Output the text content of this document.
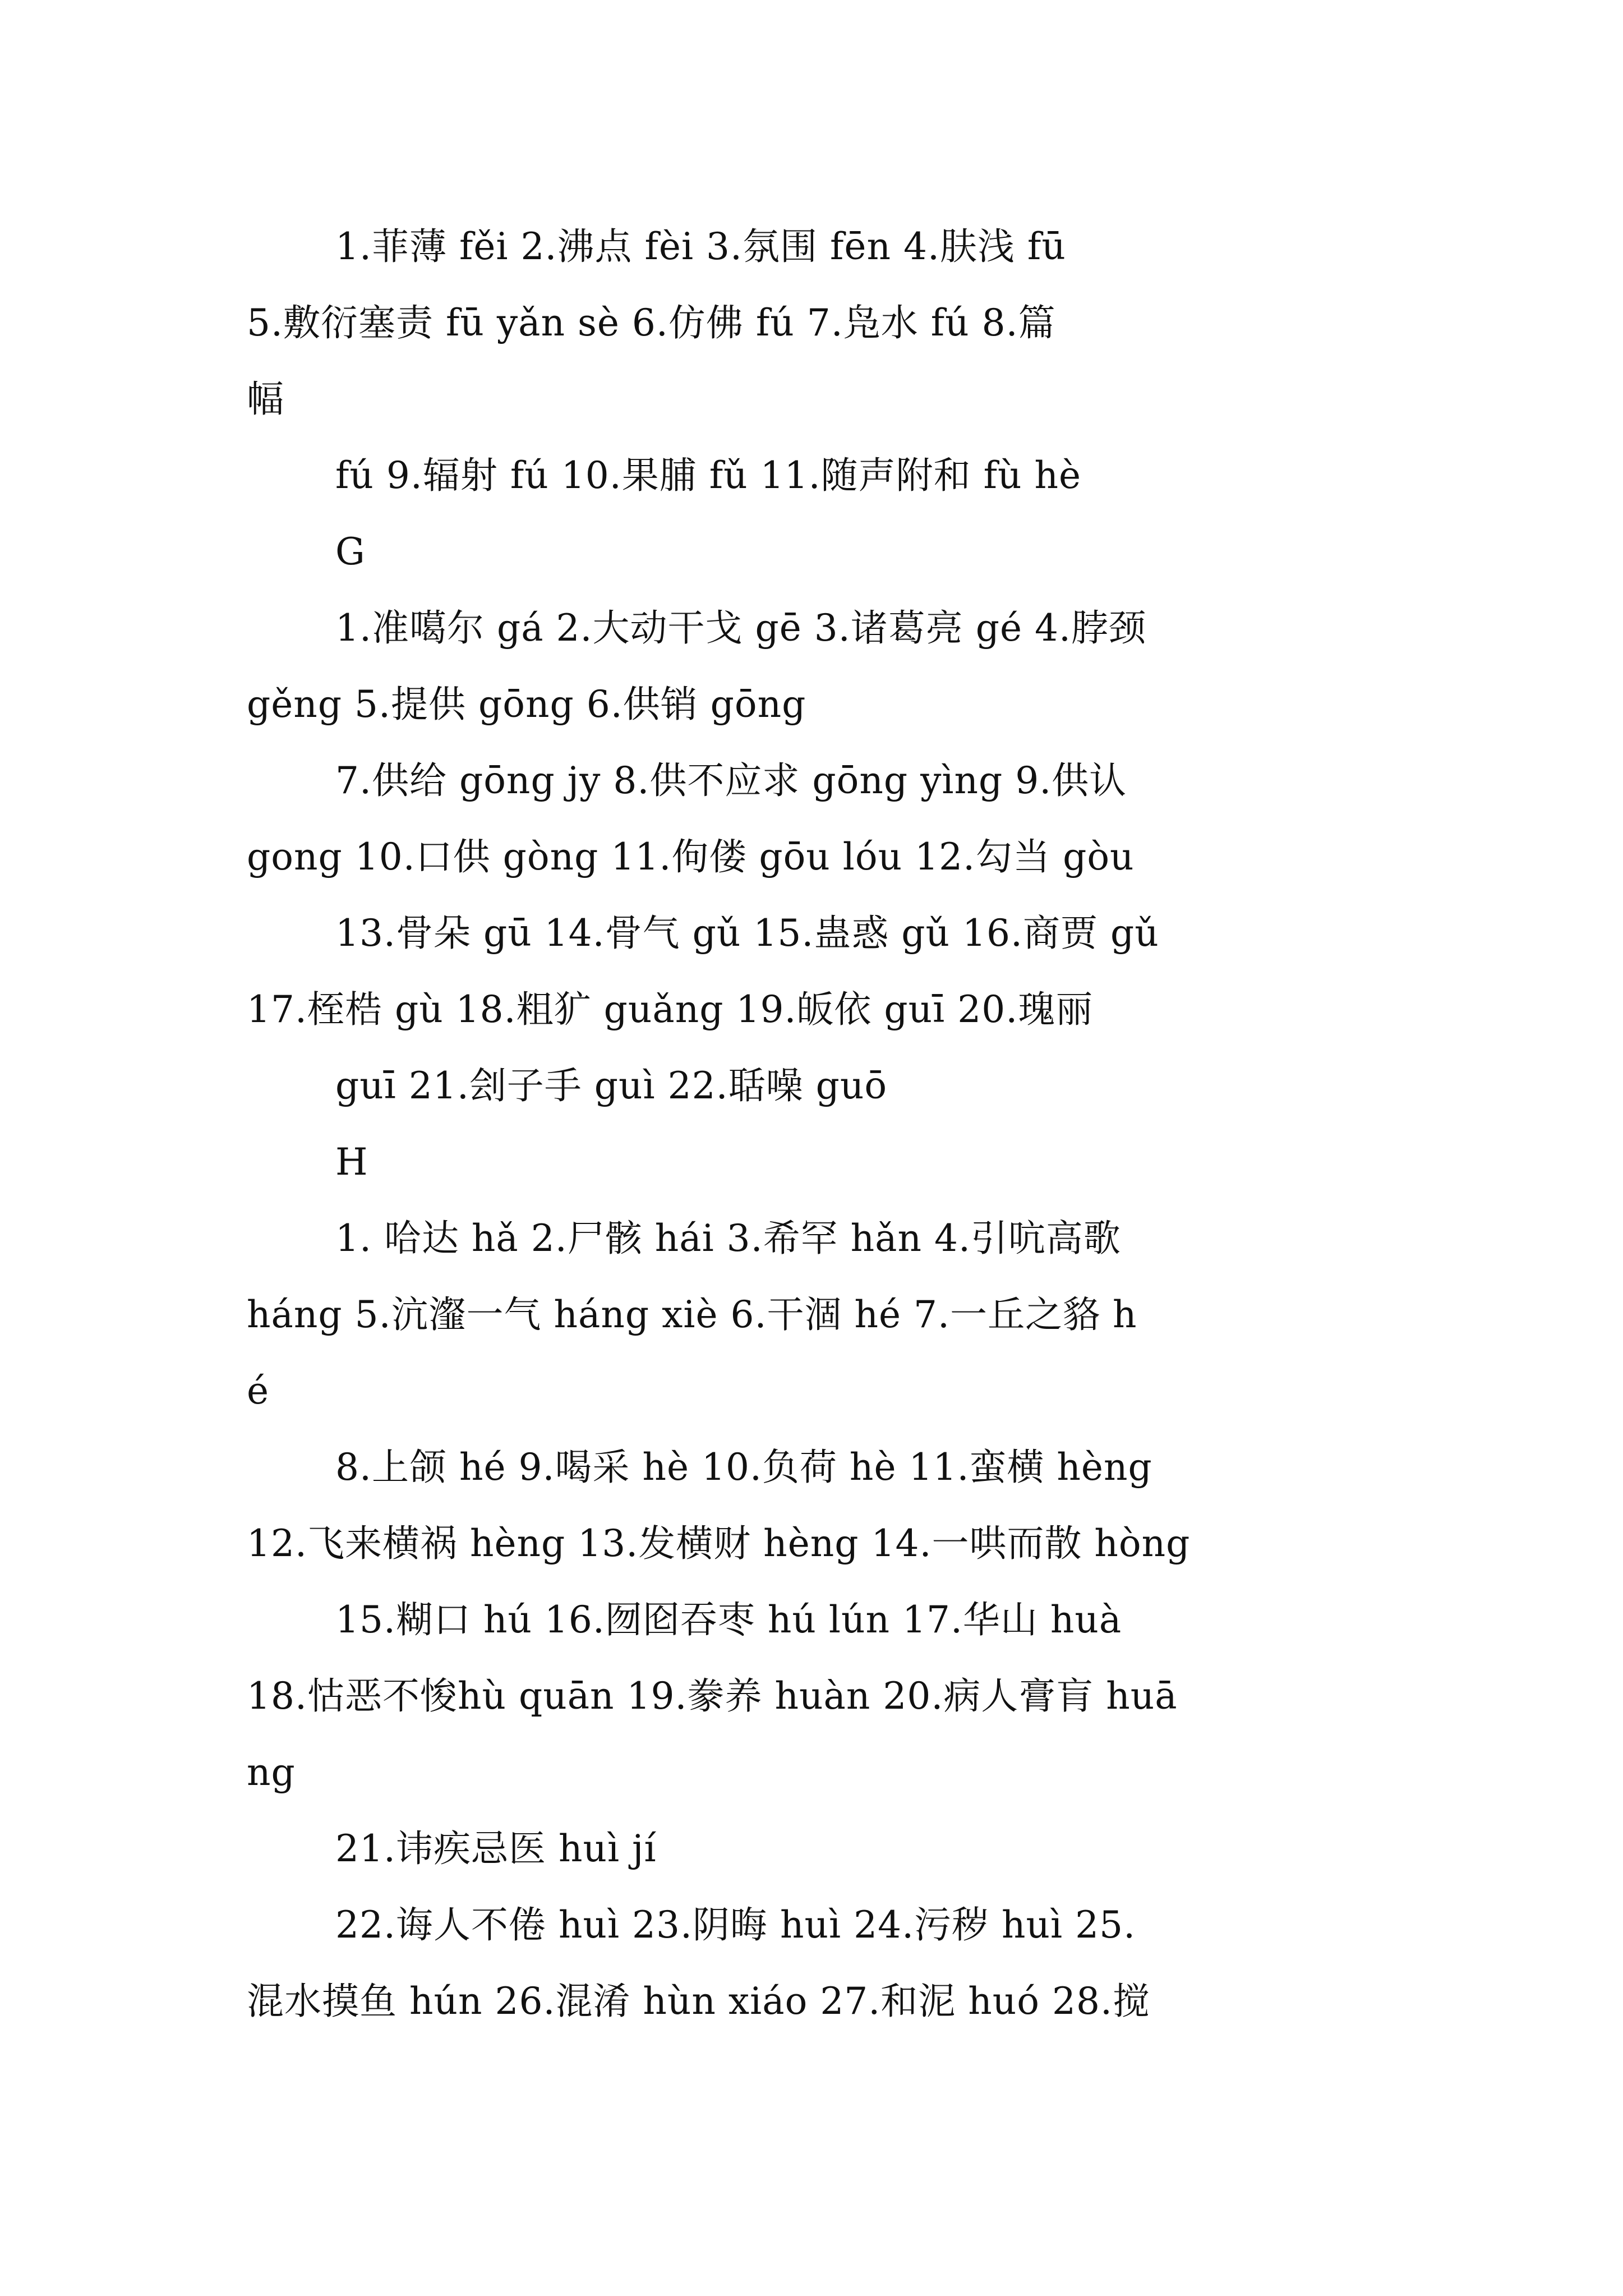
1.菲薄 fěi 2.沸点 fèi 3.氛围 fēn 4.肤浅 fū
5.敷衍塞责 fū yǎn sè 6.仿佛 fú 7.凫水 fú 8.篇
幅
fú 9.辐射 fú 10.果脯 fǔ 11.随声附和 fù hè
G
1.准噶尔 gá 2.大动干戈 gē 3.诸葛亮 gé 4.脖颈
gěng 5.提供 gōng 6.供销 gōng
7.供给 gōng jy 8.供不应求 gōng yìng 9.供认
gong 10.口供 gòng 11.佝偻 gōu lóu 12.勾当 gòu
13.骨朵 gū 14.骨气 gǔ 15.蛊惑 gǔ 16.商贾 gǔ
17.桎梏 gù 18.粗犷 guǎng 19.皈依 guī 20.瑰丽
guī 21.刽子手 guì 22.聒噪 guō
H
1. 哈达 hǎ 2.尸骸 hái 3.希罕 hǎn 4.引吭高歌
háng 5.沆瀣一气 háng xiè 6.干涸 hé 7.一丘之貉 h
é
8.上颌 hé 9.喝采 hè 10.负荷 hè 11.蛮横 hèng
12.飞来横祸 hèng 13.发横财 hèng 14.一哄而散 hòng
15.糊口 hú 16.囫囵吞枣 hú lún 17.华山 huà
18.怙恶不悛hù quān 19.豢养 huàn 20.病人膏肓 huā
ng
21.讳疾忌医 huì jí
22.诲人不倦 huì 23.阴晦 huì 24.污秽 huì 25.
混水摸鱼 hún 26.混淆 hùn xiáo 27.和泥 huó 28.搅
